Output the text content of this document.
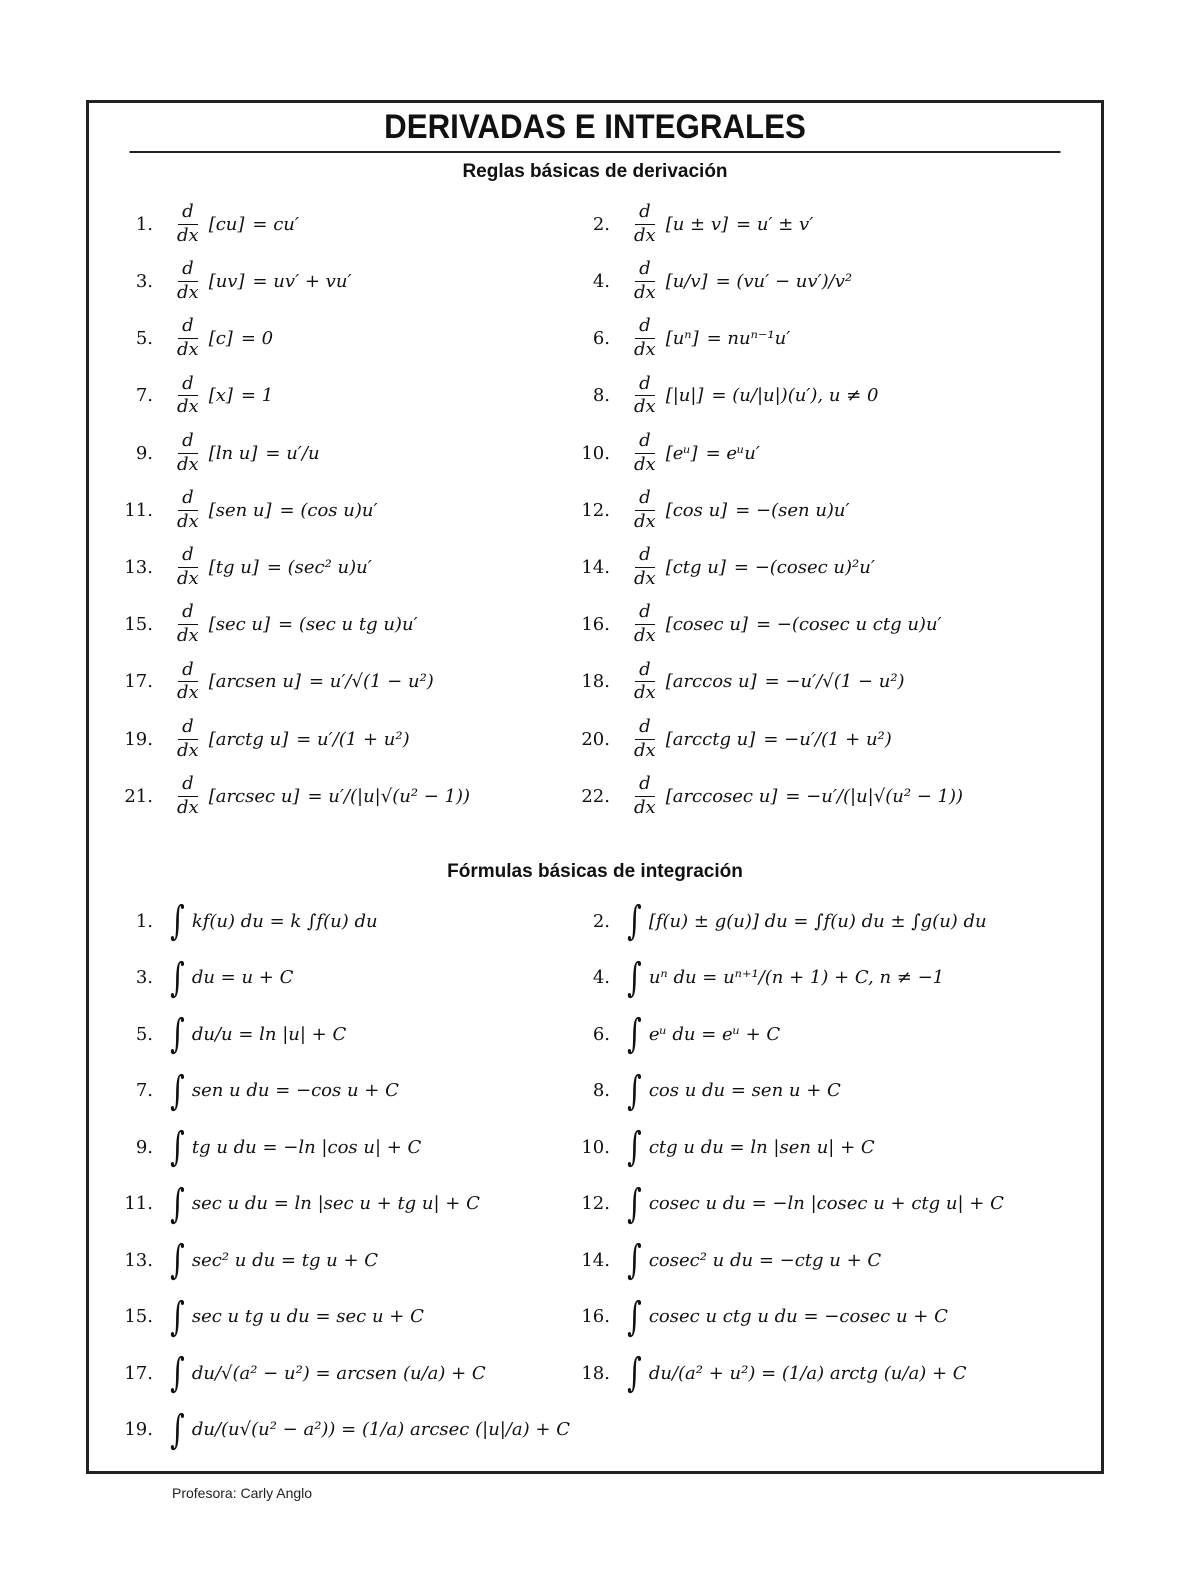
DERIVADAS E INTEGRALES
Reglas básicas de derivación
1. $\frac{d}{dx} [cu] = cu'$	2. $\frac{d}{dx} [u \pm v] = u' \pm v'$
3. $\frac{d}{dx} [uv] = uv' + vu'$	4. $\frac{d}{dx} [u/v] = (vu' - uv')/v^2$
5. $\frac{d}{dx} [c] = 0$	6. $\frac{d}{dx} [u^n] = nu^{n-1}u'$
7. $\frac{d}{dx} [x] = 1$	8. $\frac{d}{dx} [|u|] = (u/|u|)(u')$, u ≠ 0
9. $\frac{d}{dx} [\ln$ u] = u′/u	10. $\frac{d}{dx}$ [eᵘ] = eᵘu′
11. $\frac{d}{dx} [sen$ u] = (cos u)u′	12. $\frac{d}{dx} [\cos$ u] = −(sen u)u′
13. $\frac{d}{dx} [tg$ u] = (sec² u)u′	14. $\frac{d}{dx} [ctg$ u] = −(cosec u)²u′
15. $\frac{d}{dx} [\sec$ u] = (sec u tg u)u′	16. $\frac{d}{dx} [cosec$ u] = −(cosec u ctg u)u′
17. $\frac{d}{dx}$ [arcsen u] = u′/√(1 − u²)	18. $\frac{d}{dx} [\arccos$ u] = −u′/√(1 − u²)
19. $\frac{d}{dx}$ [arctg u] = u′/(1 + u²)	20. $\frac{d}{dx}$ [arcctg u] = −u′/(1 + u²)
21. $\frac{d}{dx} [arcsec$ u] = u′/(|u|√(u² − 1))	22. $\frac{d}{dx}$ [arccosec u] = −u′/(|u|√(u² − 1))
Fórmulas básicas de integración
1. ∫ kf(u) du = k ∫f(u) du	2. ∫ [f(u) ± g(u)] du = ∫f(u) du ± ∫g(u) du
3. ∫ du = u + C	4. ∫ uⁿ du = uⁿ⁺¹/(n + 1) + C, n ≠ −1
5. ∫ du/u = ln |u| + C	6. ∫ eᵘ du = eᵘ + C
7. ∫ sen u du = −cos u + C	8. ∫ cos u du = sen u + C
9. ∫ tg u du = −ln |cos u| + C	10. ∫ ctg u du = ln |sen u| + C
11. ∫ sec u du = ln |sec u + tg u| + C	12. ∫ cosec u du = −ln |cosec u + ctg u| + C
13. ∫ sec² u du = tg u + C	14. ∫ cosec² u du = −ctg u + C
15. ∫ sec u tg u du = sec u + C	16. ∫ cosec u ctg u du = −cosec u + C
17. ∫ du/√(a² − u²) = arcsen (u/a) + C	18. ∫ du/(a² + u²) = (1/a) arctg (u/a) + C
19. ∫ du/(u√(u² − a²)) = (1/a) arcsec (|u|/a) + C
Profesora: Carly Anglo
